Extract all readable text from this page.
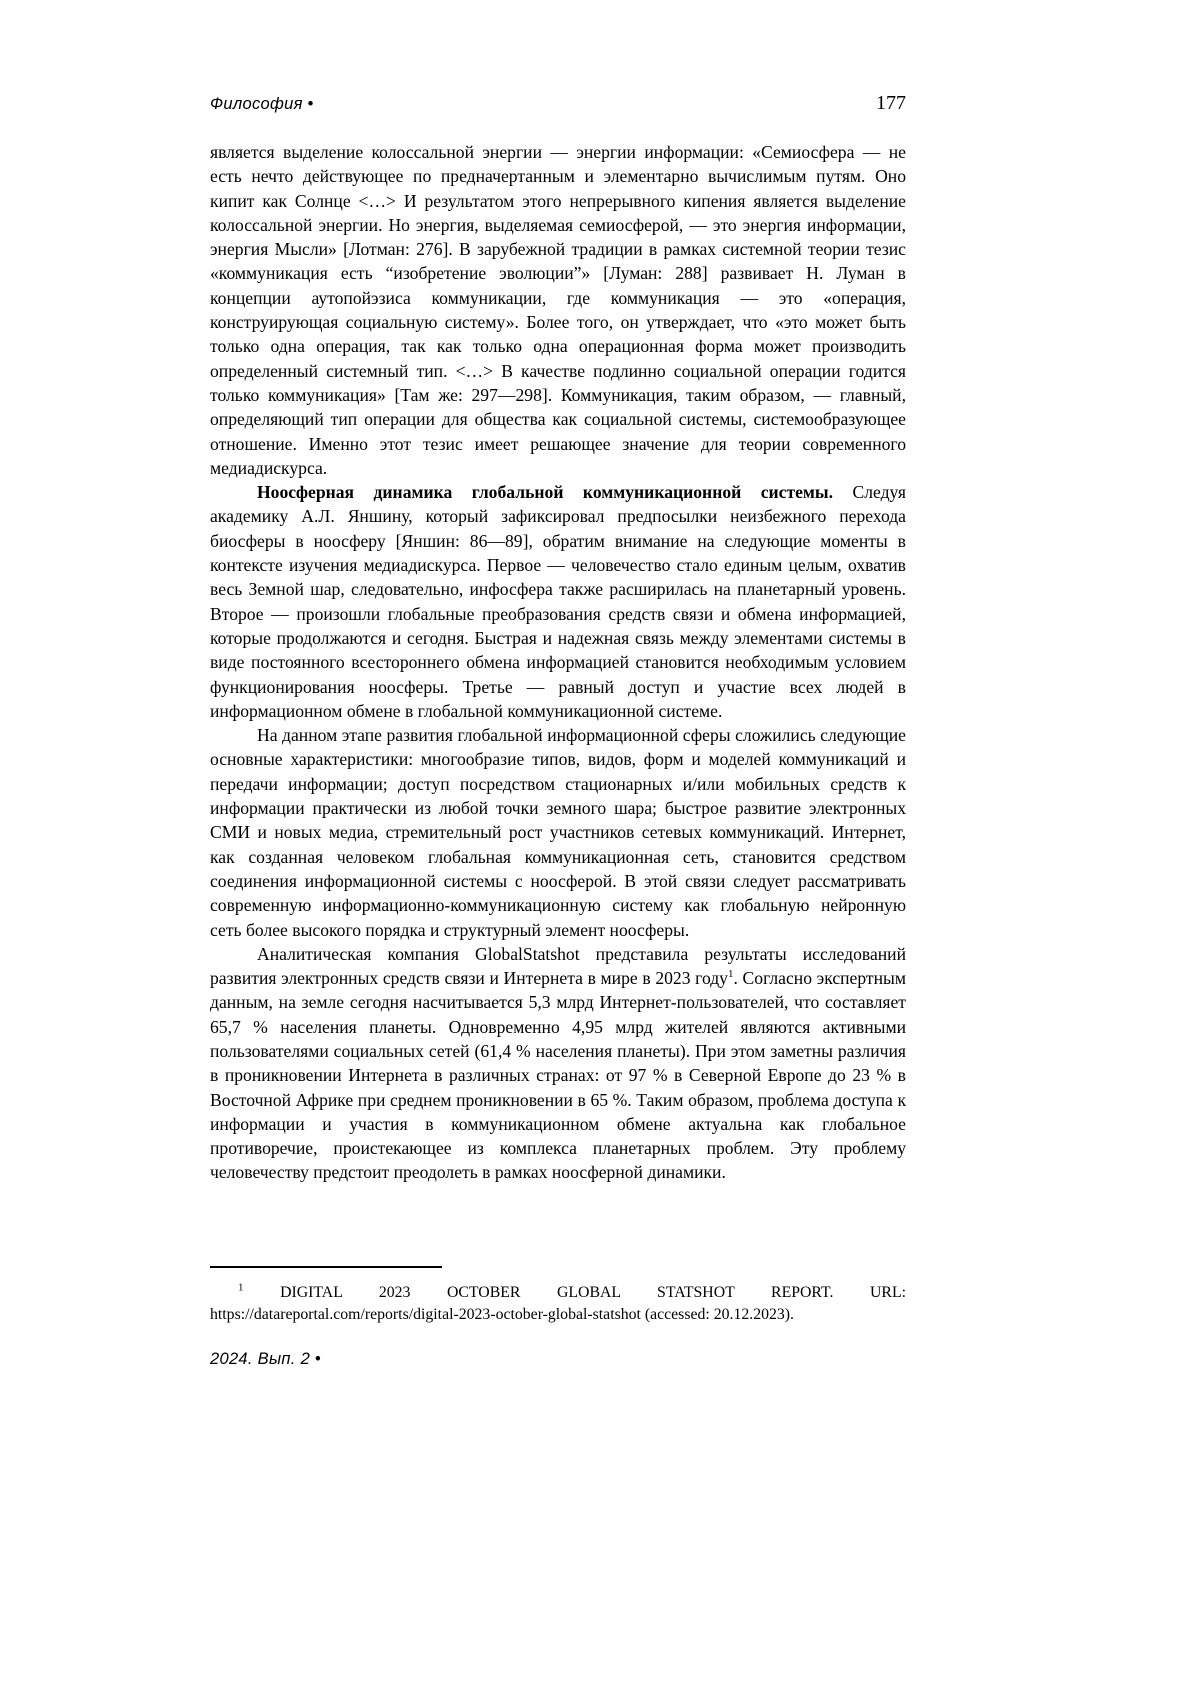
Философия •	177

является выделение колоссальной энергии — энергии информации: «Семиосфера — не есть нечто действующее по предначертанным и элементарно вычислимым путям. Оно кипит как Солнце <…> И результатом этого непрерывного кипения является выделение колоссальной энергии. Но энергия, выделяемая семиосферой, — это энергия информации, энергия Мысли» [Лотман: 276]. В зарубежной традиции в рамках системной теории тезис «коммуникация есть “изобретение эволюции”» [Луман: 288] развивает Н. Луман в концепции аутопойэзиса коммуникации, где коммуникация — это «операция, конструирующая социальную систему». Более того, он утверждает, что «это может быть только одна операция, так как только одна операционная форма может производить определенный системный тип. <…> В качестве подлинно социальной операции годится только коммуникация» [Там же: 297—298]. Коммуникация, таким образом, — главный, определяющий тип операции для общества как социальной системы, системообразующее отношение. Именно этот тезис имеет решающее значение для теории современного медиадискурса.

Ноосферная динамика глобальной коммуникационной системы. Следуя академику А.Л. Яншину, который зафиксировал предпосылки неизбежного перехода биосферы в ноосферу [Яншин: 86—89], обратим внимание на следующие моменты в контексте изучения медиадискурса. Первое — человечество стало единым целым, охватив весь Земной шар, следовательно, инфосфера также расширилась на планетарный уровень. Второе — произошли глобальные преобразования средств связи и обмена информацией, которые продолжаются и сегодня. Быстрая и надежная связь между элементами системы в виде постоянного всестороннего обмена информацией становится необходимым условием функционирования ноосферы. Третье — равный доступ и участие всех людей в информационном обмене в глобальной коммуникационной системе.

На данном этапе развития глобальной информационной сферы сложились следующие основные характеристики: многообразие типов, видов, форм и моделей коммуникаций и передачи информации; доступ посредством стационарных и/или мобильных средств к информации практически из любой точки земного шара; быстрое развитие электронных СМИ и новых медиа, стремительный рост участников сетевых коммуникаций. Интернет, как созданная человеком глобальная коммуникационная сеть, становится средством соединения информационной системы с ноосферой. В этой связи следует рассматривать современную информационно-коммуникационную систему как глобальную нейронную сеть более высокого порядка и структурный элемент ноосферы.

Аналитическая компания GlobalStatshot представила результаты исследований развития электронных средств связи и Интернета в мире в 2023 году$^1$. Согласно экспертным данным, на земле сегодня насчитывается 5,3 млрд Интернет-пользователей, что составляет 65,7 % населения планеты. Одновременно 4,95 млрд жителей являются активными пользователями социальных сетей (61,4 % населения планеты). При этом заметны различия в проникновении Интернета в различных странах: от 97 % в Северной Европе до 23 % в Восточной Африке при среднем проникновении в 65 %. Таким образом, проблема доступа к информации и участия в коммуникационном обмене актуальна как глобальное противоречие, проистекающее из комплекса планетарных проблем. Эту проблему человечеству предстоит преодолеть в рамках ноосферной динамики.

$^1$ DIGITAL 2023 OCTOBER GLOBAL STATSHOT REPORT. URL: https://datareportal.com/reports/digital-2023-october-global-statshot (accessed: 20.12.2023).

2024. Вып. 2 •
